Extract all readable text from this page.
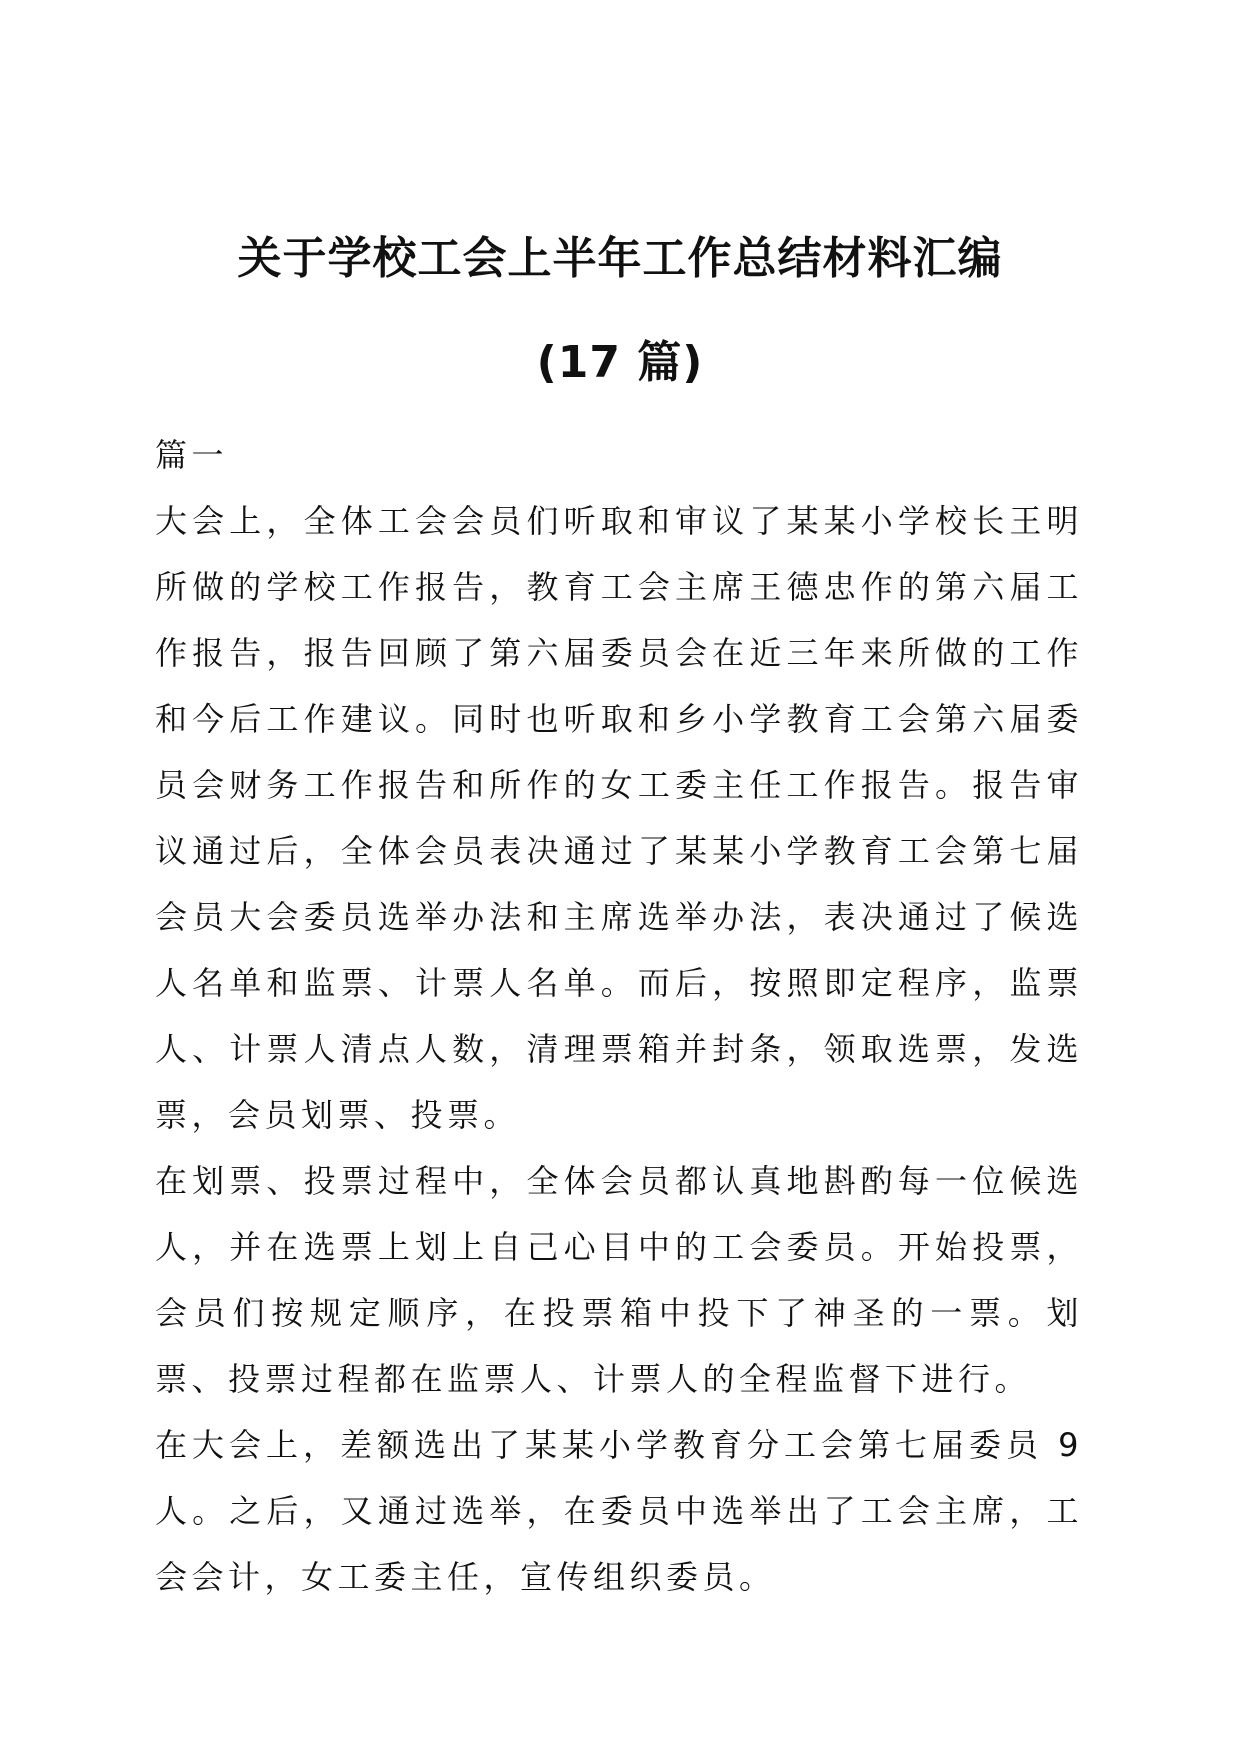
关于学校工会上半年工作总结材料汇编
(17 篇)

篇一

大会上，全体工会会员们听取和审议了某某小学校长王明所做的学校工作报告，教育工会主席王德忠作的第六届工作报告，报告回顾了第六届委员会在近三年来所做的工作和今后工作建议。同时也听取和乡小学教育工会第六届委员会财务工作报告和所作的女工委主任工作报告。报告审议通过后，全体会员表决通过了某某小学教育工会第七届会员大会委员选举办法和主席选举办法，表决通过了候选人名单和监票、计票人名单。而后，按照即定程序，监票人、计票人清点人数，清理票箱并封条，领取选票，发选票，会员划票、投票。

在划票、投票过程中，全体会员都认真地斟酌每一位候选人，并在选票上划上自己心目中的工会委员。开始投票，会员们按规定顺序，在投票箱中投下了神圣的一票。划票、投票过程都在监票人、计票人的全程监督下进行。

在大会上，差额选出了某某小学教育分工会第七届委员 9 人。之后，又通过选举，在委员中选举出了工会主席，工会会计，女工委主任，宣传组织委员。
